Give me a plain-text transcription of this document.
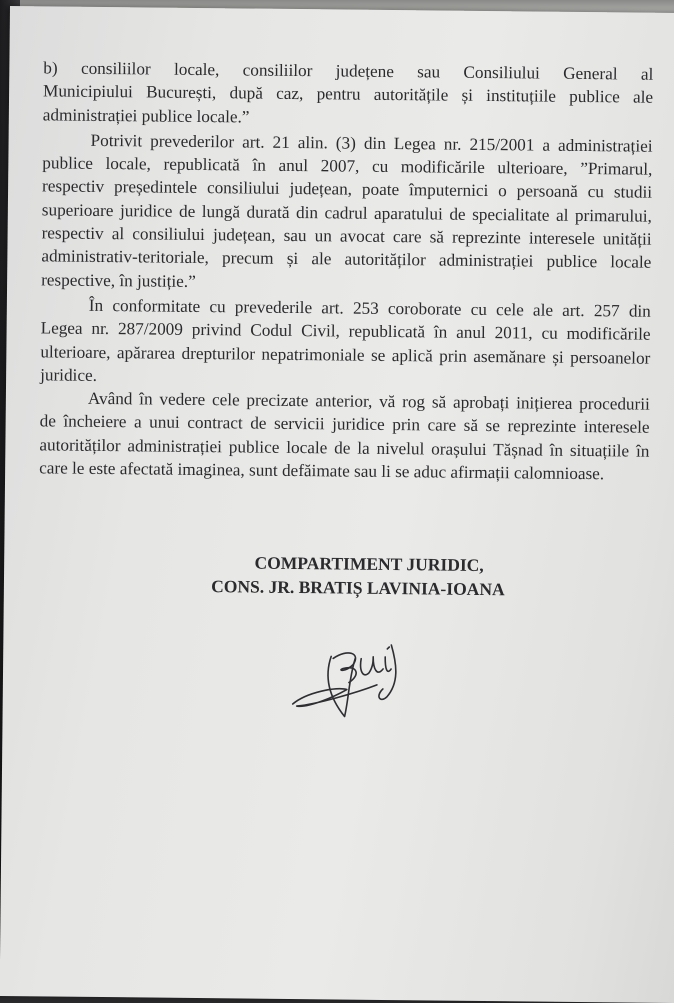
b) consiliilor locale, consiliilor județene sau Consiliului General al
Municipiului București, după caz, pentru autoritățile și instituțiile publice ale
administrației publice locale.”

Potrivit prevederilor art. 21 alin. (3) din Legea nr. 215/2001 a administrației
publice locale, republicată în anul 2007, cu modificările ulterioare, ”Primarul,
respectiv președintele consiliului județean, poate împuternici o persoană cu studii
superioare juridice de lungă durată din cadrul aparatului de specialitate al primarului,
respectiv al consiliului județean, sau un avocat care să reprezinte interesele unității
administrativ-teritoriale, precum și ale autorităților administrației publice locale
respective, în justiție.”

În conformitate cu prevederile art. 253 coroborate cu cele ale art. 257 din
Legea nr. 287/2009 privind Codul Civil, republicată în anul 2011, cu modificările
ulterioare, apărarea drepturilor nepatrimoniale se aplică prin asemănare și persoanelor
juridice.

Având în vedere cele precizate anterior, vă rog să aprobați inițierea procedurii
de încheiere a unui contract de servicii juridice prin care să se reprezinte interesele
autorităților administrației publice locale de la nivelul orașului Tășnad în situațiile în
care le este afectată imaginea, sunt defăimate sau li se aduc afirmații calomnioase.

COMPARTIMENT JURIDIC,
CONS. JR. BRATIȘ LAVINIA-IOANA
